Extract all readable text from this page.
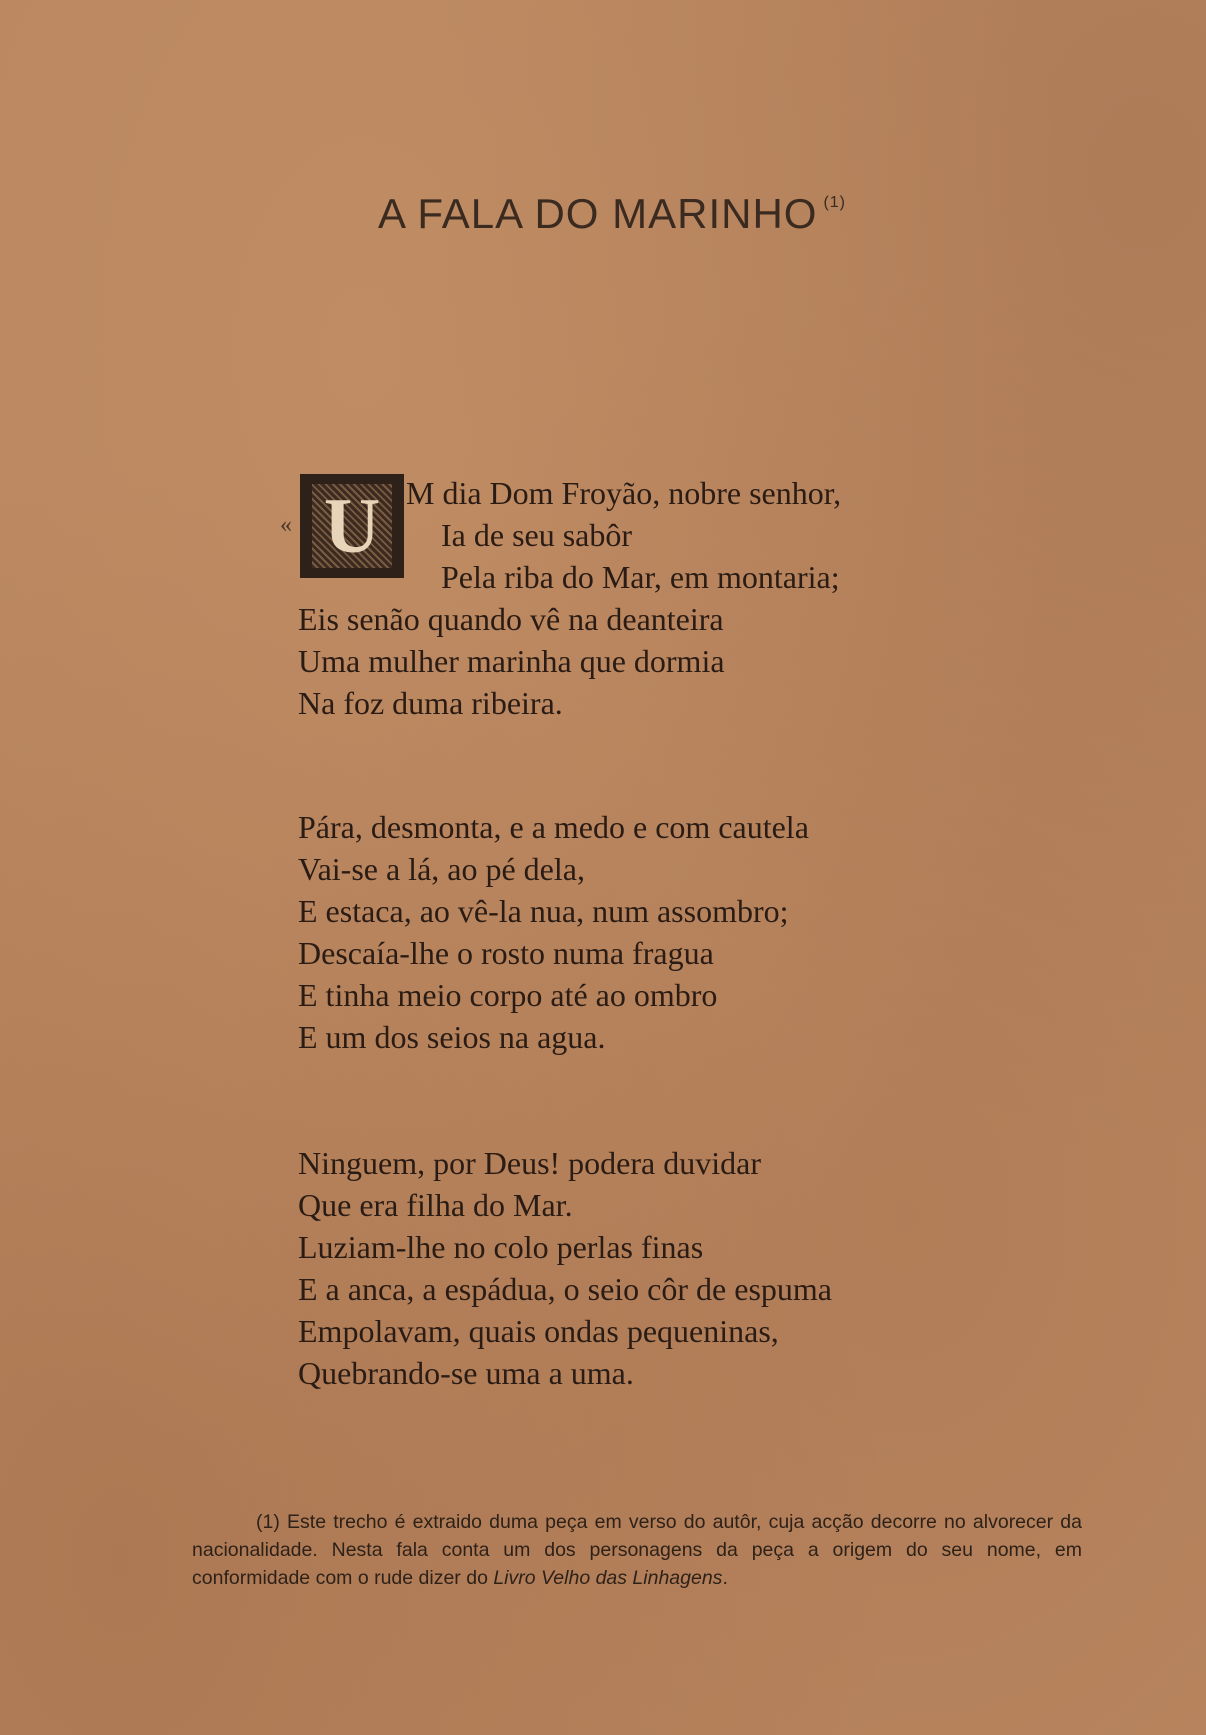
A FALA DO MARINHO $^{(1)}$
« U M dia Dom Froyão, nobre senhor,
Ia de seu sabôr
Pela riba do Mar, em montaria;
Eis senão quando vê na deanteira
Uma mulher marinha que dormia
Na foz duma ribeira.
Pára, desmonta, e a medo e com cautela
Vai-se a lá, ao pé dela,
E estaca, ao vê-la nua, num assombro;
Descaía-lhe o rosto numa fragua
E tinha meio corpo até ao ombro
E um dos seios na agua.
Ninguem, por Deus! podera duvidar
Que era filha do Mar.
Luziam-lhe no colo perlas finas
E a anca, a espádua, o seio côr de espuma
Empolavam, quais ondas pequeninas,
Quebrando-se uma a uma.
(1) Este trecho é extraido duma peça em verso do autôr, cuja acção decorre no alvorecer da nacionalidade. Nesta fala conta um dos personagens da peça a origem do seu nome, em conformidade com o rude dizer do Livro Velho das Linhagens.
